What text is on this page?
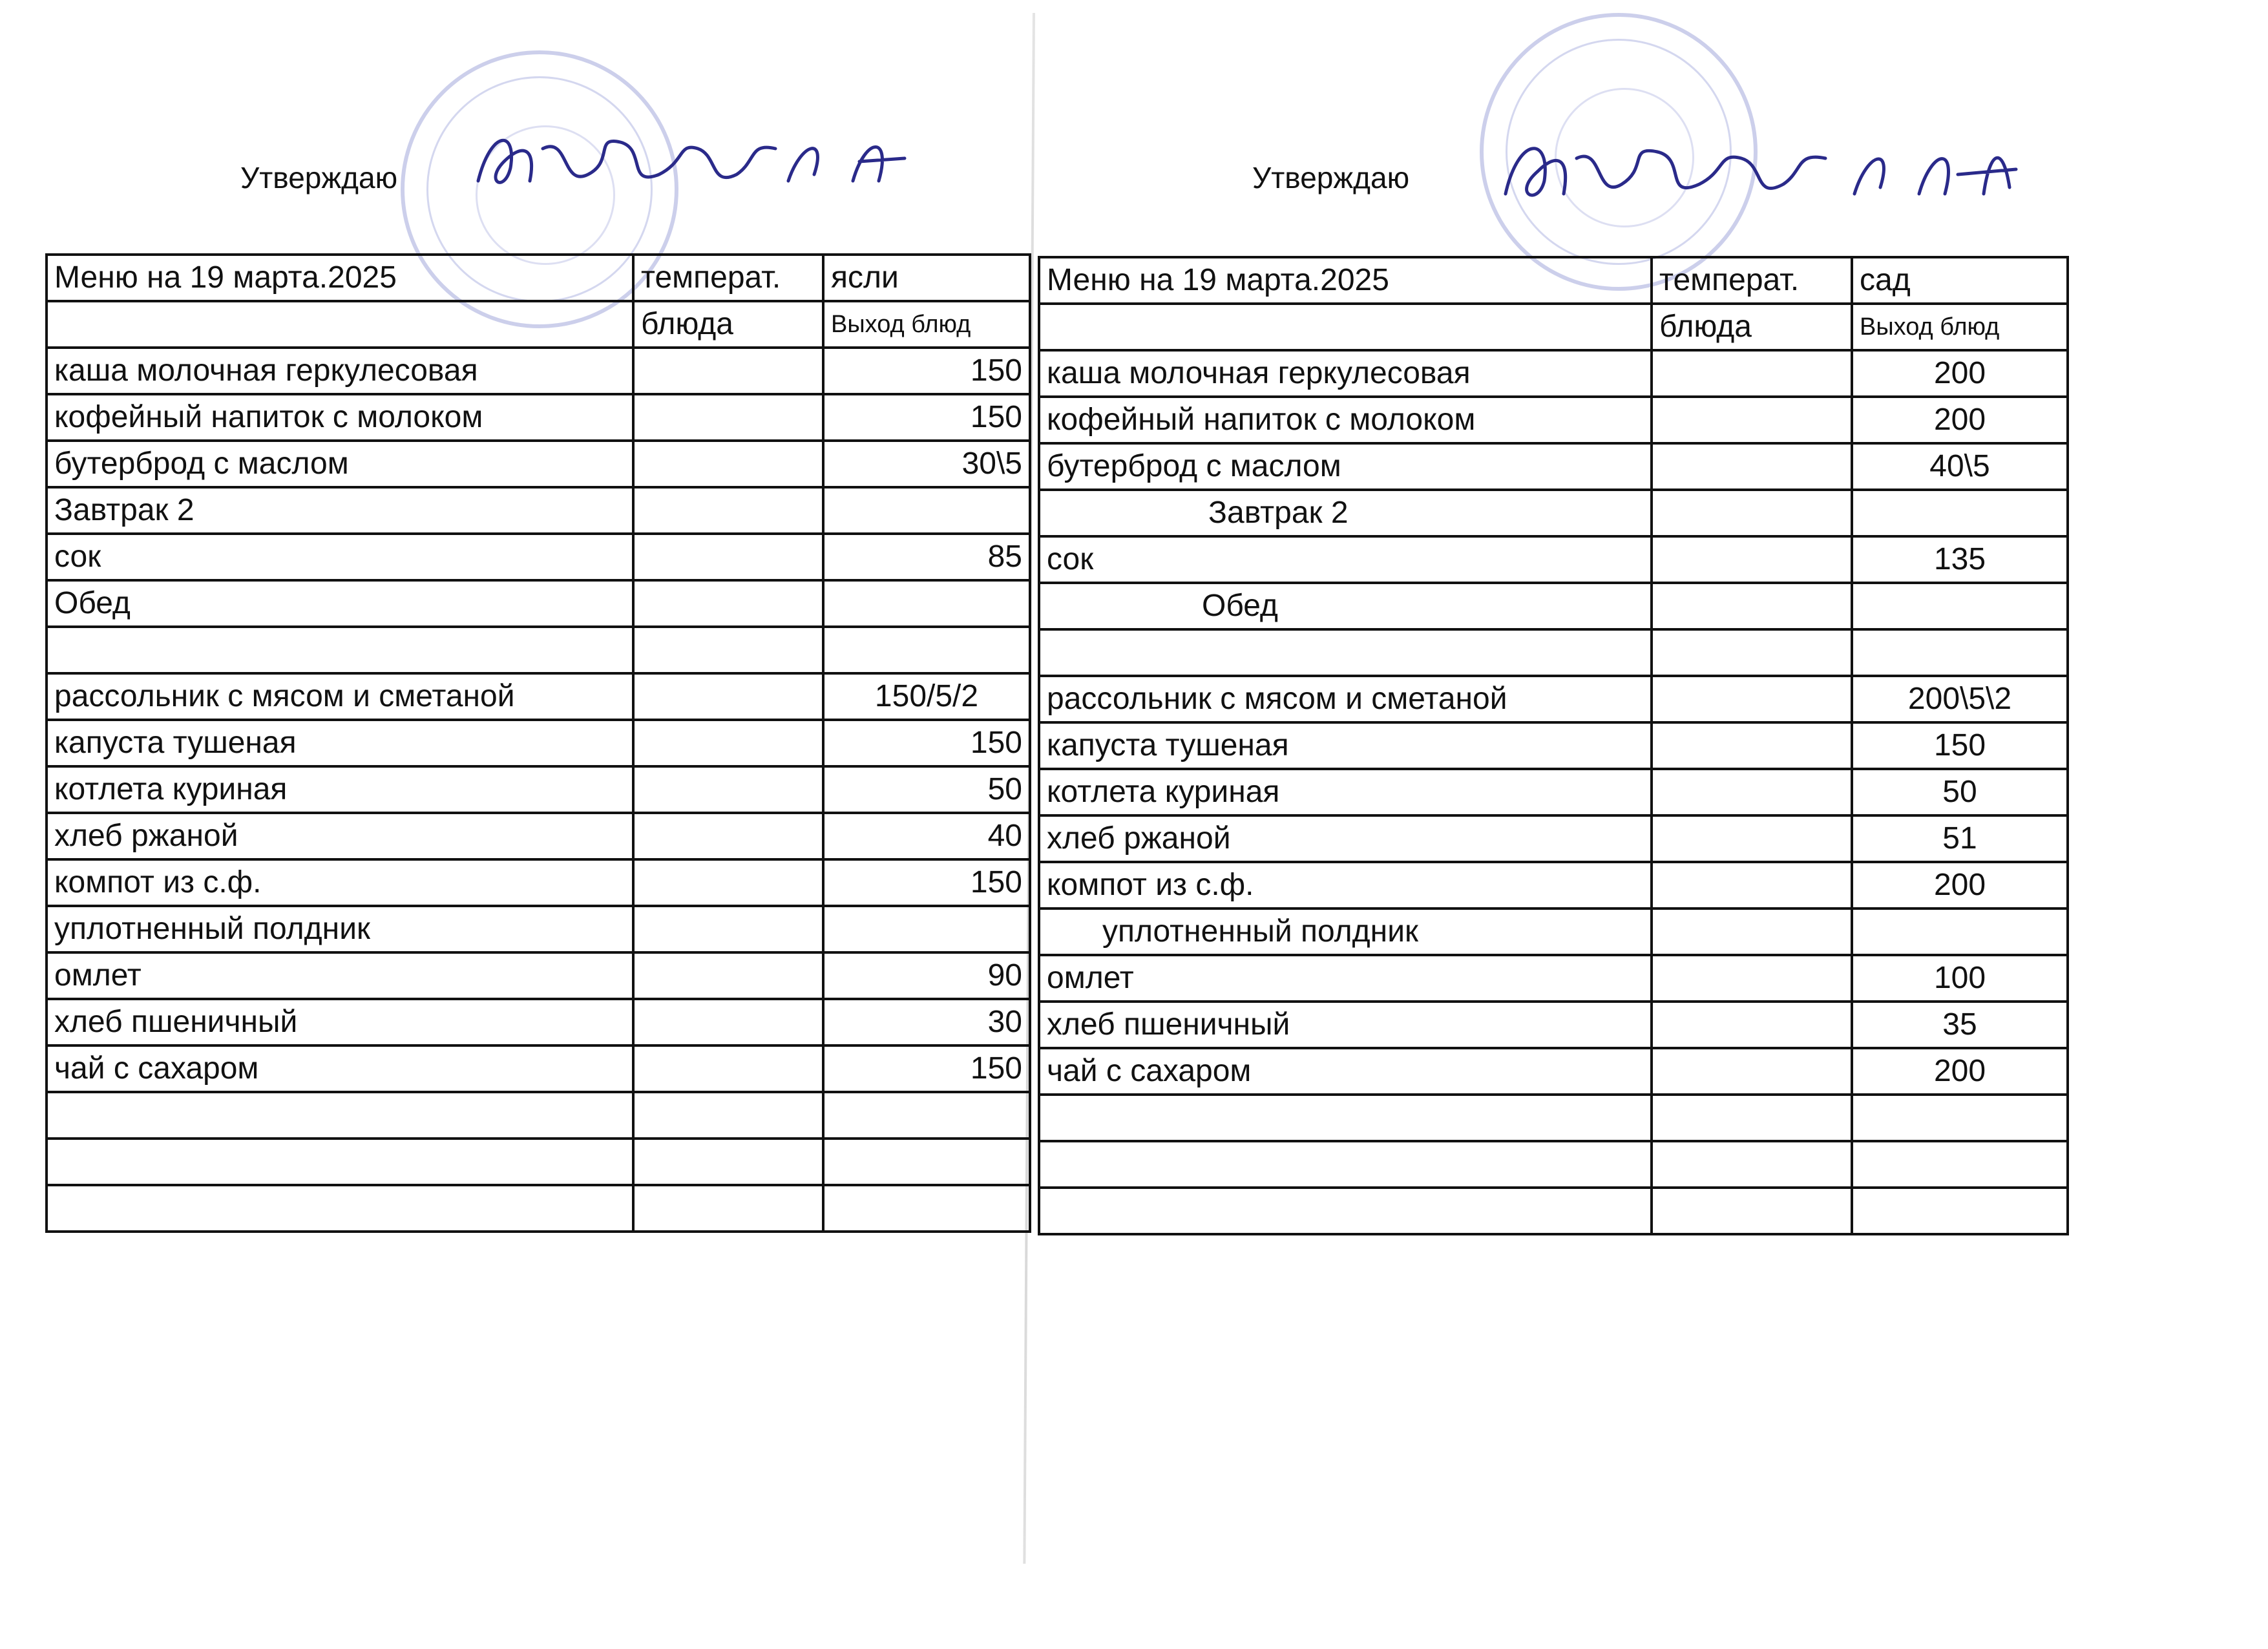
Утверждаю	Утверждаю
Меню на 19 марта.2025	температ.	ясли
	блюда	Выход блюд
каша молочная геркулесовая		150
кофейный напиток с молоком		150
бутерброд с маслом		30\5
Завтрак 2		
сок		85
Обед		

рассольник с мясом и сметаной		150/5/2
капуста тушеная		150
котлета куриная		50
хлеб ржаной		40
компот из с.ф.		150
уплотненный полдник		
омлет		90
хлеб пшеничный		30
чай с сахаром		150

Меню на 19 марта.2025	температ.	сад
	блюда	Выход блюд
каша молочная геркулесовая		200
кофейный напиток с молоком		200
бутерброд с маслом		40\5
Завтрак 2		
сок		135
Обед		

рассольник с мясом и сметаной		200\5\2
капуста тушеная		150
котлета куриная		50
хлеб ржаной		51
компот из с.ф.		200
уплотненный полдник		
омлет		100
хлеб пшеничный		35
чай с сахаром		200
